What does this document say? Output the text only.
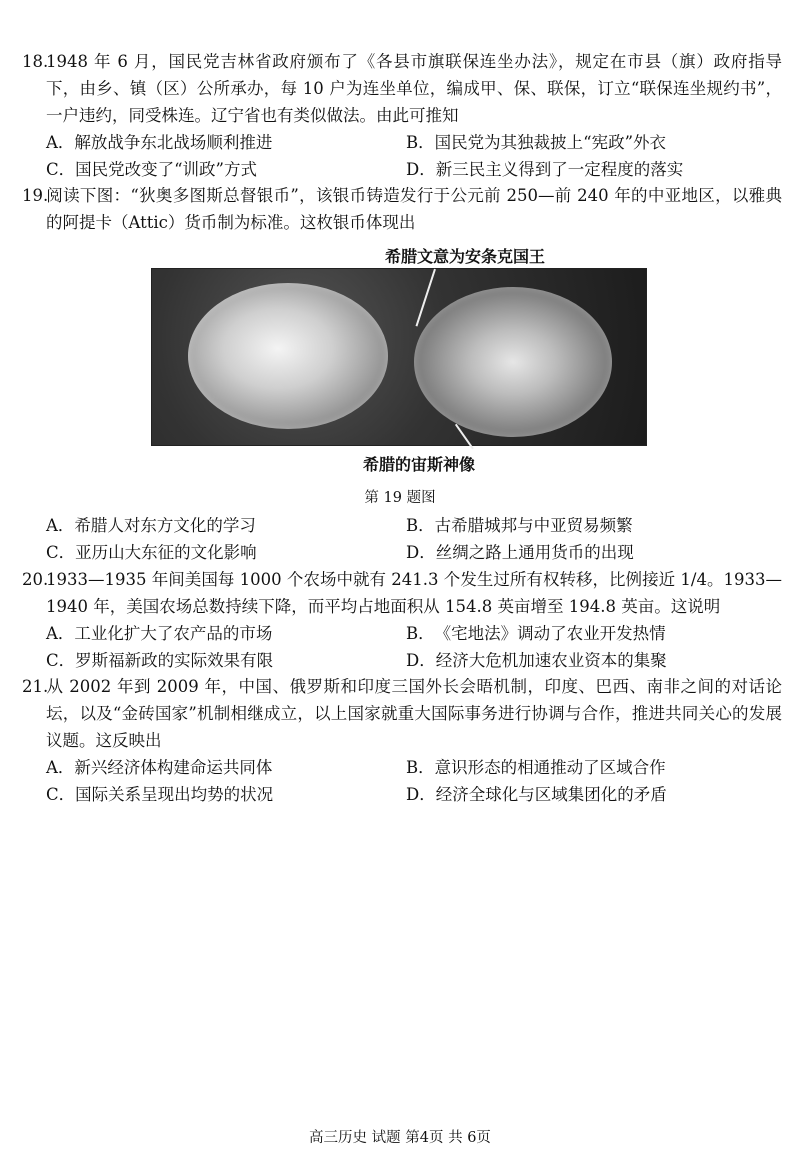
18.1948 年 6 月，国民党吉林省政府颁布了《各县市旗联保连坐办法》，规定在市县（旗）政府指导下，由乡、镇（区）公所承办，每 10 户为连坐单位，编成甲、保、联保，订立“联保连坐规约书”，一户违约，同受株连。辽宁省也有类似做法。由此可推知

A．解放战争东北战场顺利推进	B．国民党为其独裁披上“宪政”外衣
C．国民党改变了“训政”方式	D．新三民主义得到了一定程度的落实

19.阅读下图：“狄奥多图斯总督银币”，该银币铸造发行于公元前 250—前 240 年的中亚地区，以雅典的阿提卡（Attic）货币制为标准。这枚银币体现出

希腊文意为安条克国王
希腊的宙斯神像
第 19 题图
A．希腊人对东方文化的学习	B．古希腊城邦与中亚贸易频繁
C．亚历山大东征的文化影响	D．丝绸之路上通用货币的出现

20.1933—1935 年间美国每 1000 个农场中就有 241.3 个发生过所有权转移，比例接近 1/4。1933—1940 年，美国农场总数持续下降，而平均占地面积从 154.8 英亩增至 194.8 英亩。这说明

A．工业化扩大了农产品的市场	B．《宅地法》调动了农业开发热情
C．罗斯福新政的实际效果有限	D．经济大危机加速农业资本的集聚

21.从 2002 年到 2009 年，中国、俄罗斯和印度三国外长会晤机制，印度、巴西、南非之间的对话论坛，以及“金砖国家”机制相继成立，以上国家就重大国际事务进行协调与合作，推进共同关心的发展议题。这反映出

A．新兴经济体构建命运共同体	B．意识形态的相通推动了区域合作
C．国际关系呈现出均势的状况	D．经济全球化与区域集团化的矛盾
高三历史 试题 第4页 共 6页
